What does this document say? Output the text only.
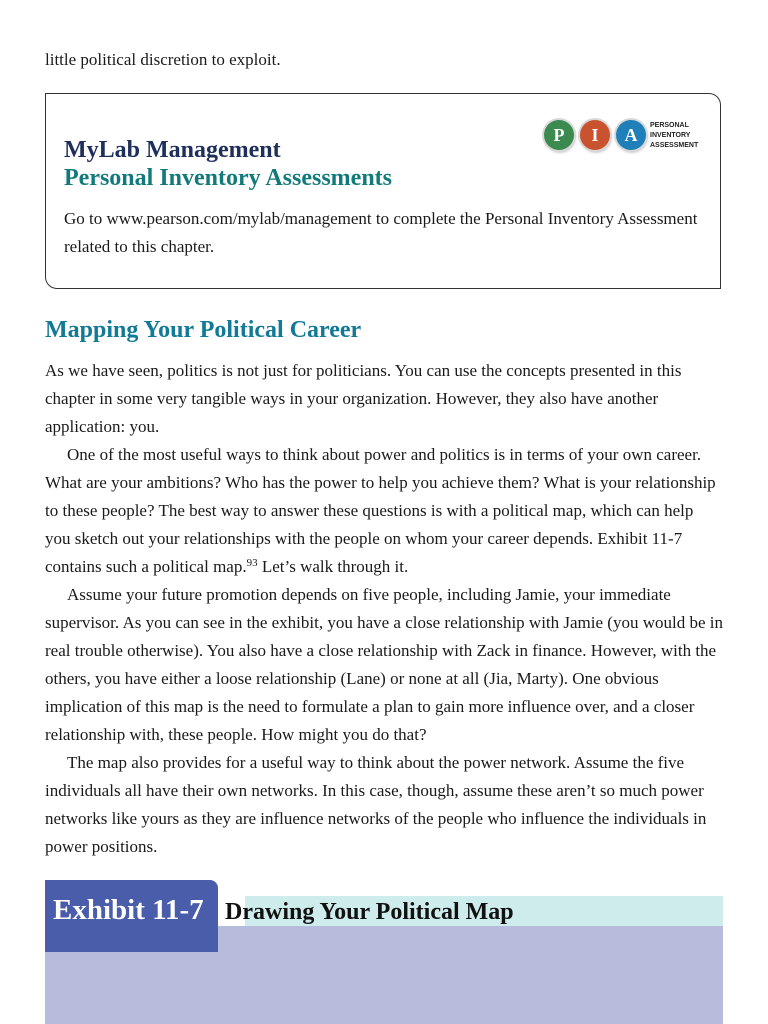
little political discretion to exploit.
MyLab Management
Personal Inventory Assessments
Go to www.pearson.com/mylab/management to complete the Personal Inventory Assessment related to this chapter.
P	I	A	PERSONAL
INVENTORY
ASSESSMENT
Mapping Your Political Career

As we have seen, politics is not just for politicians. You can use the concepts presented in this chapter in some very tangible ways in your organization. However, they also have another application: you.

One of the most useful ways to think about power and politics is in terms of your own career. What are your ambitions? Who has the power to help you achieve them? What is your relationship to these people? The best way to answer these questions is with a political map, which can help you sketch out your relationships with the people on whom your career depends. Exhibit 11-7 contains such a political map.$^{93}$ Let’s walk through it.

Assume your future promotion depends on five people, including Jamie, your immediate supervisor. As you can see in the exhibit, you have a close relationship with Jamie (you would be in real trouble otherwise). You also have a close relationship with Zack in finance. However, with the others, you have either a loose relationship (Lane) or none at all (Jia, Marty). One obvious implication of this map is the need to formulate a plan to gain more influence over, and a closer relationship with, these people. How might you do that?

The map also provides for a useful way to think about the power network. Assume the five individuals all have their own networks. In this case, though, assume these aren’t so much power networks like yours as they are influence networks of the people who influence the individuals in power positions.

Exhibit 11-7 Drawing Your Political Map
